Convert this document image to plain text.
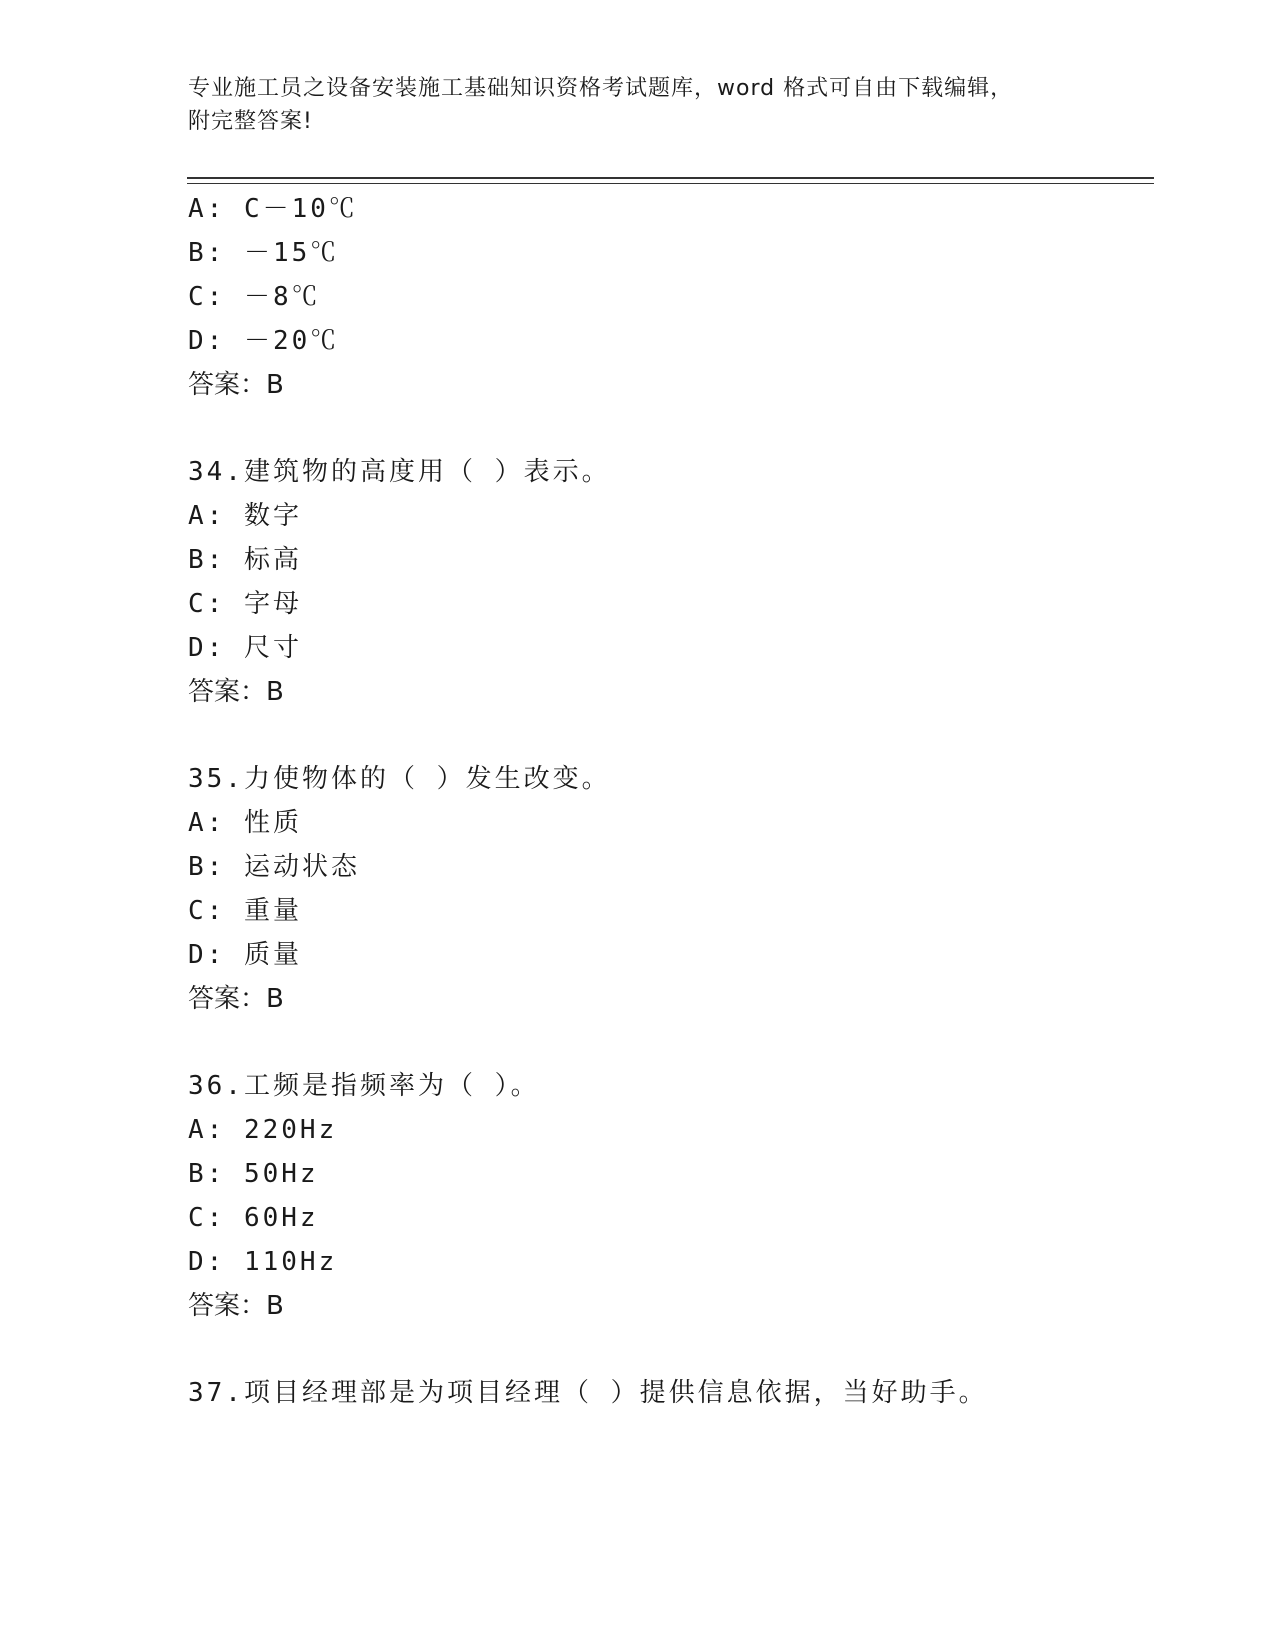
专业施工员之设备安装施工基础知识资格考试题库，word 格式可自由下载编辑，
附完整答案!
A: C－10℃
B: －15℃
C: －8℃
D: －20℃
答案：B
34.建筑物的高度用（ ）表示。
A: 数字
B: 标高
C: 字母
D: 尺寸
答案：B
35.力使物体的（ ）发生改变。
A: 性质
B: 运动状态
C: 重量
D: 质量
答案：B
36.工频是指频率为（ ）。
A: 220Hz
B: 50Hz
C: 60Hz
D: 110Hz
答案：B
37.项目经理部是为项目经理（ ）提供信息依据，当好助手。
